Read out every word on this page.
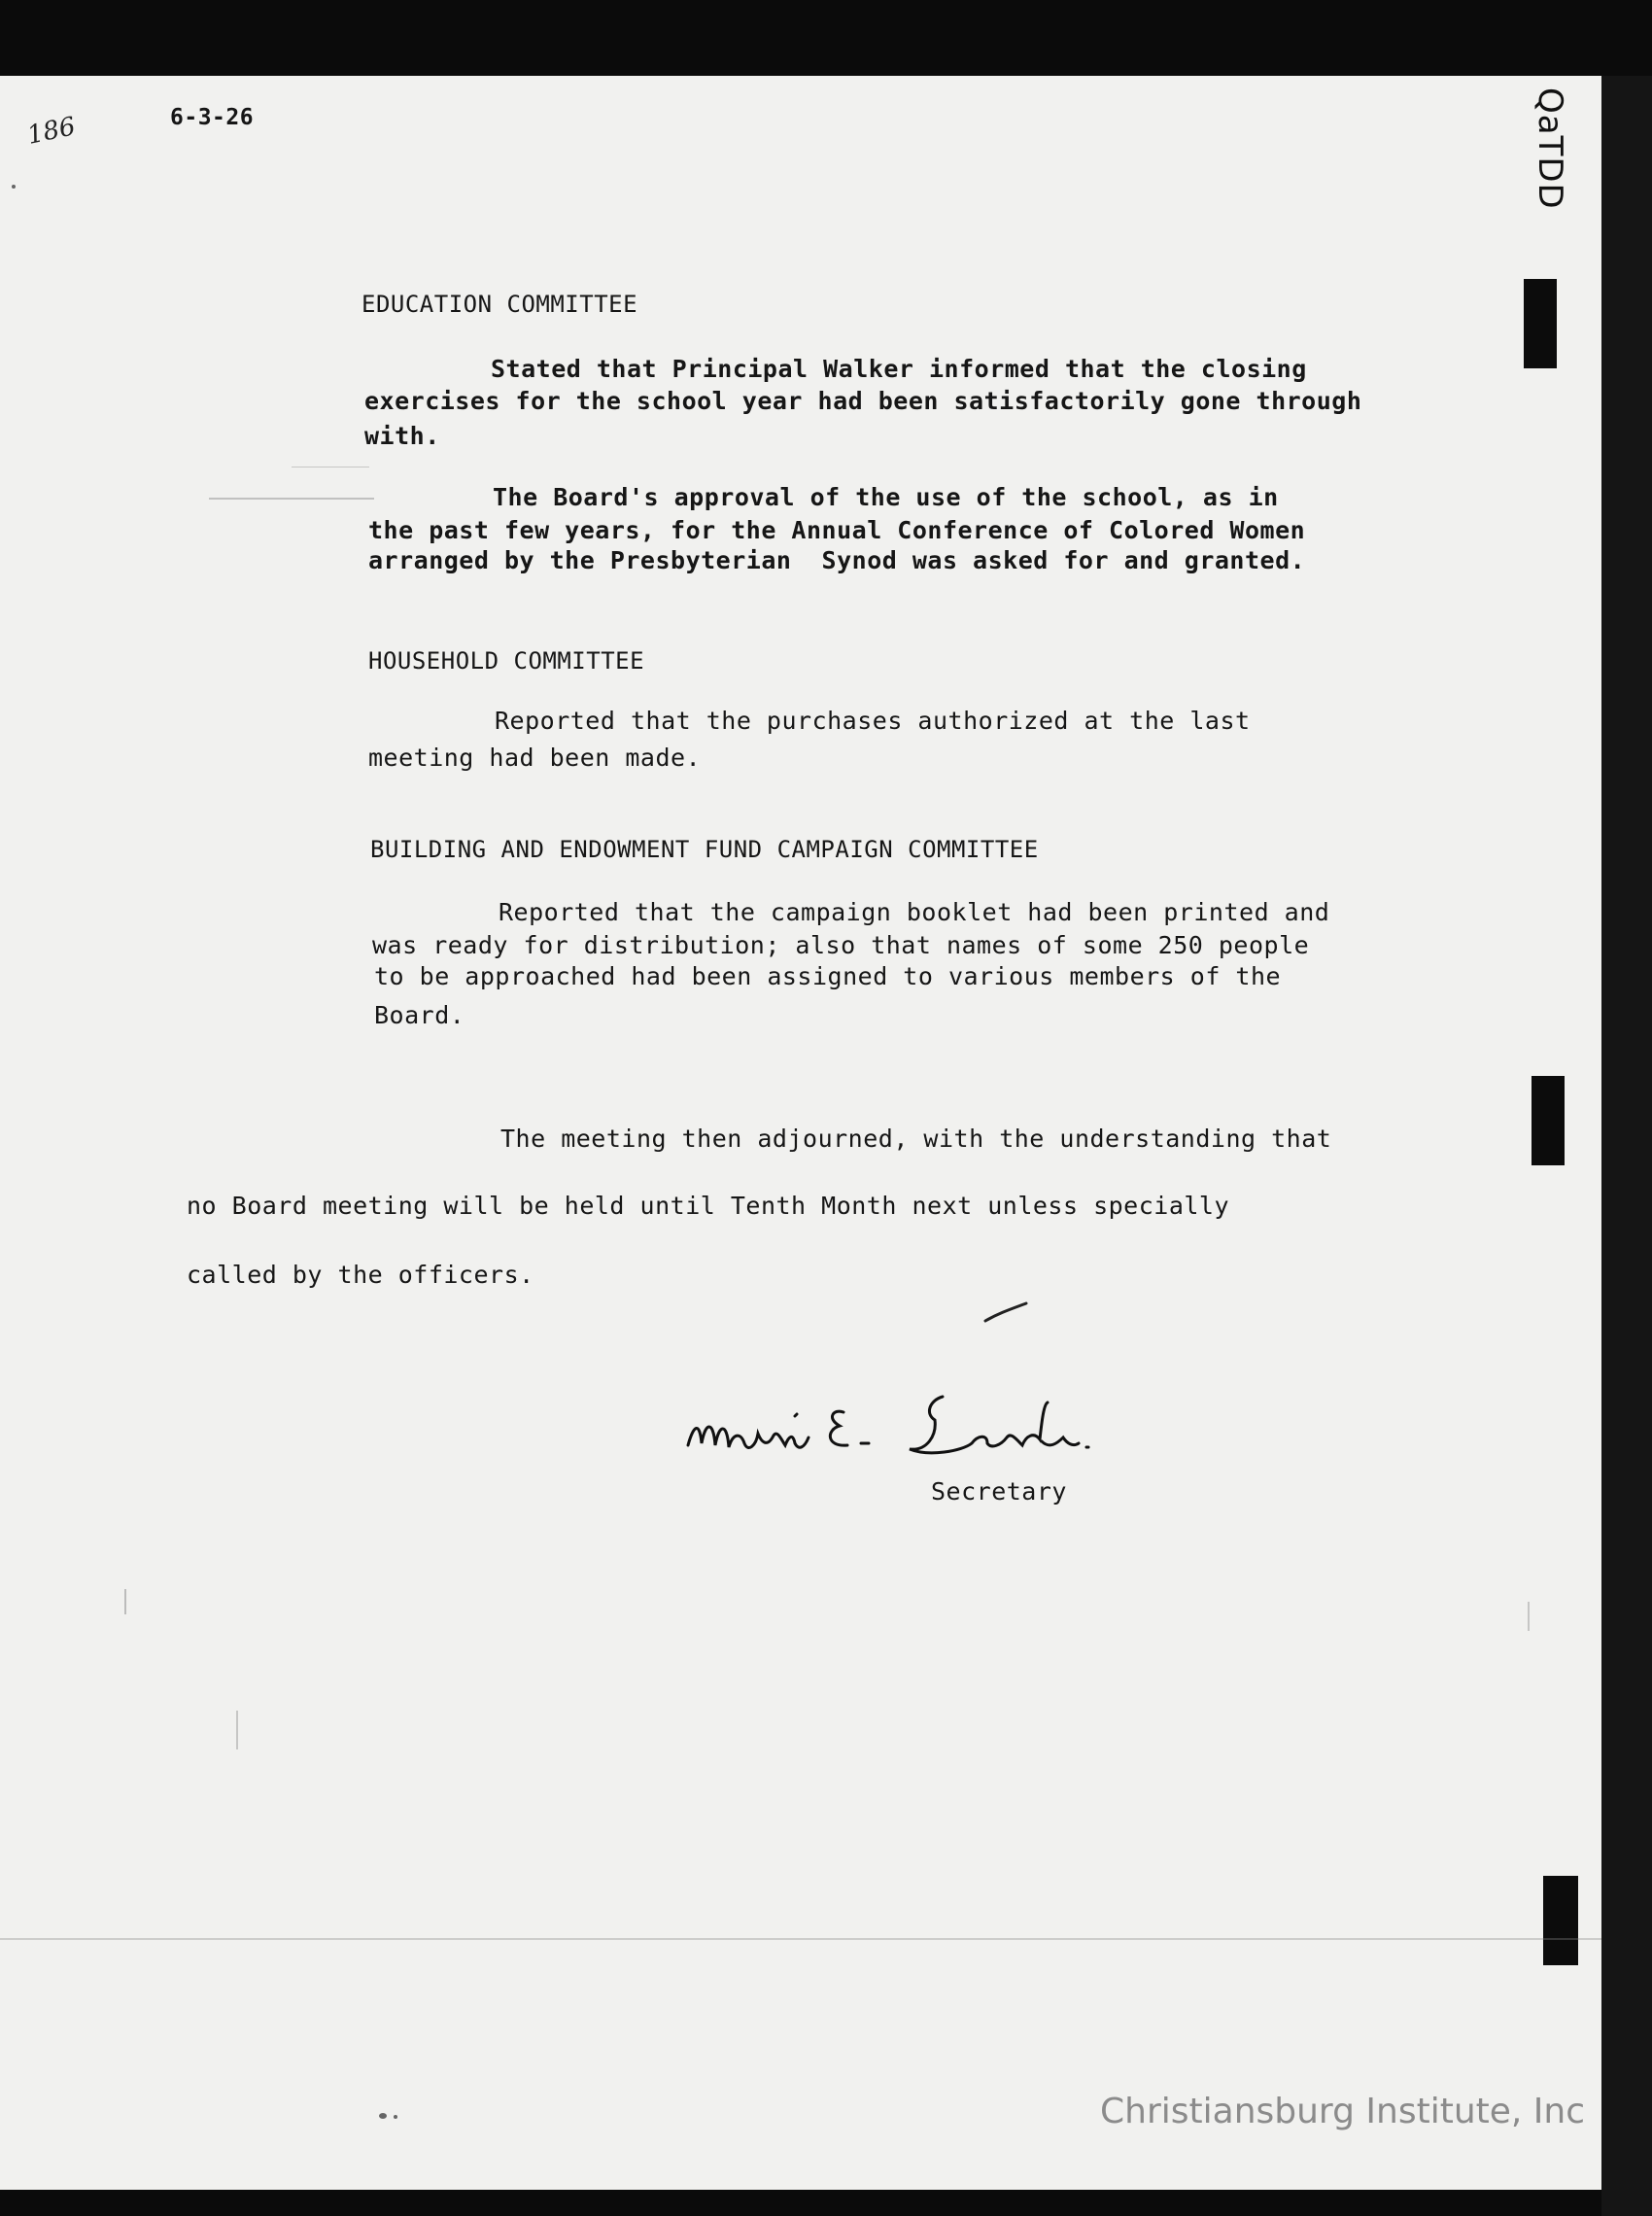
QaTDD
186	6-3-26
EDUCATION COMMITTEE
Stated that Principal Walker informed that the closing
exercises for the school year had been satisfactorily gone through
with.
The Board's approval of the use of the school, as in
the past few years, for the Annual Conference of Colored Women
arranged by the Presbyterian  Synod was asked for and granted.
HOUSEHOLD COMMITTEE
Reported that the purchases authorized at the last
meeting had been made.
BUILDING AND ENDOWMENT FUND CAMPAIGN COMMITTEE
Reported that the campaign booklet had been printed and
was ready for distribution; also that names of some 250 people
to be approached had been assigned to various members of the
Board.
The meeting then adjourned, with the understanding that
no Board meeting will be held until Tenth Month next unless specially
called by the officers.
Secretary
Christiansburg Institute, Inc
